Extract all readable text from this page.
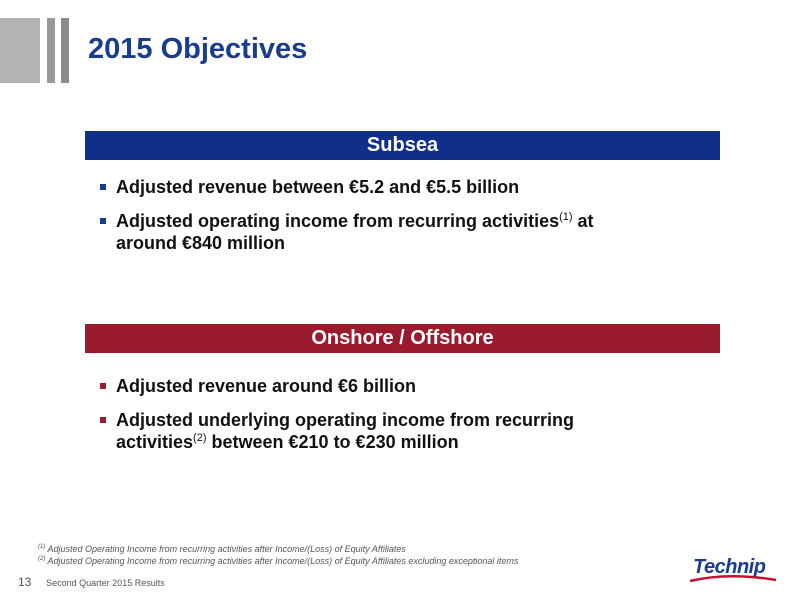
2015 Objectives
Subsea
Adjusted revenue between €5.2 and €5.5 billion
Adjusted operating income from recurring activities$^{(1)}$ at
around €840 million
Onshore / Offshore
Adjusted revenue around €6 billion
Adjusted underlying operating income from recurring
activities$^{(2)}$ between €210 to €230 million
$^{(1)}$ Adjusted Operating Income from recurring activities after Income/(Loss) of Equity Affiliates
$^{(2)}$ Adjusted Operating Income from recurring activities after Income/(Loss) of Equity Affiliates excluding exceptional items
13 Second Quarter 2015 Results
Technip
